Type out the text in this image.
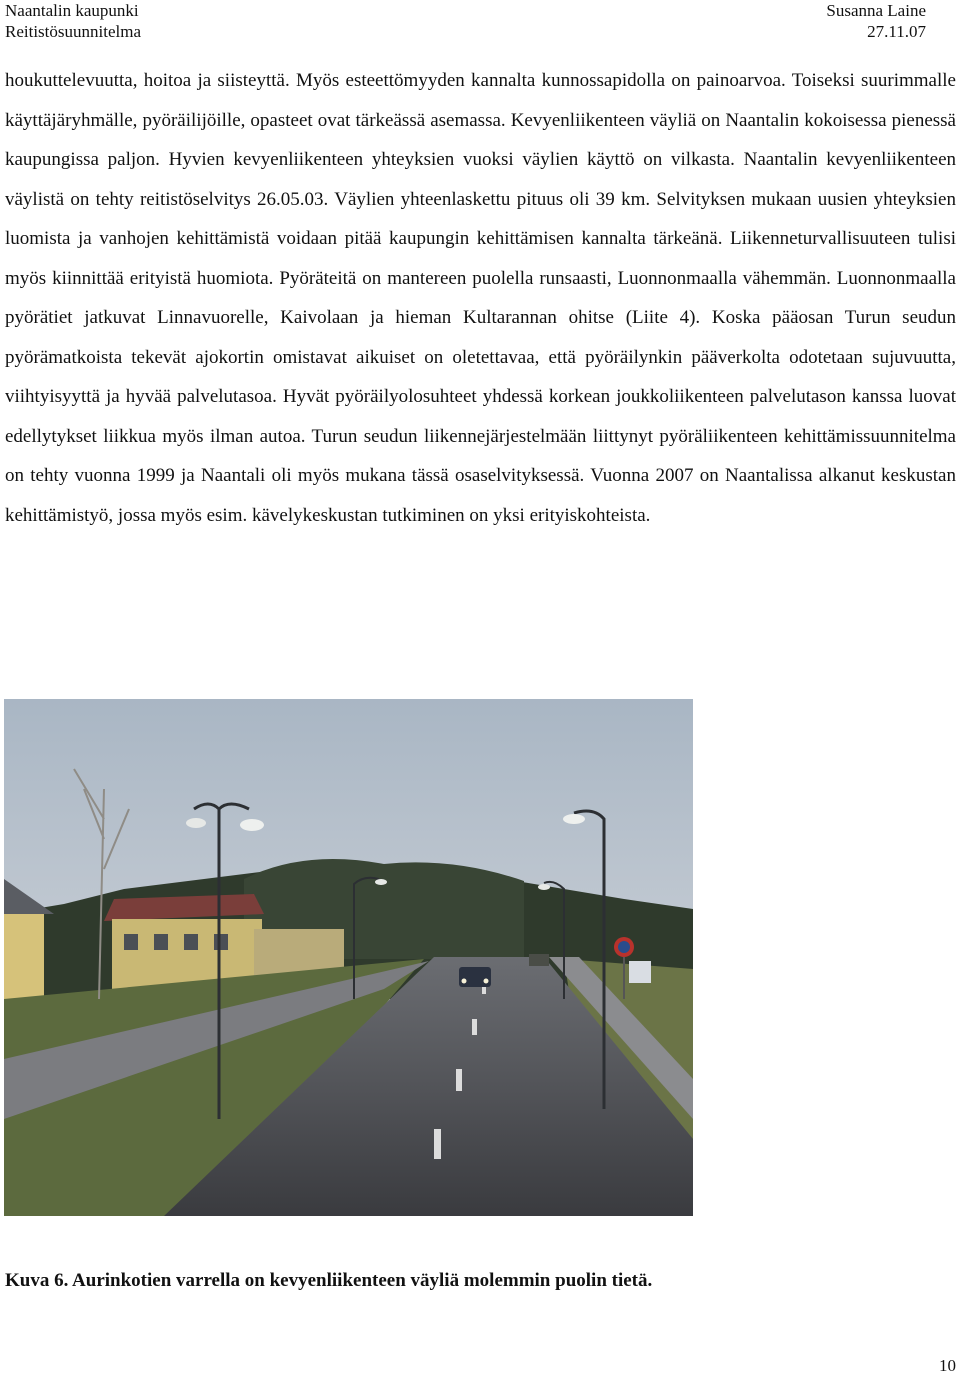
Naantalin kaupunki	Susanna Laine
Reitistösuunnitelma	27.11.07

houkuttelevuutta, hoitoa ja siisteyttä. Myös esteettömyyden kannalta kunnossapidolla on painoarvoa. Toiseksi suurimmalle käyttäjäryhmälle, pyöräilijöille, opasteet ovat tärkeässä asemassa. Kevyenliikenteen väyliä on Naantalin kokoisessa pienessä kaupungissa paljon. Hyvien kevyenliikenteen yhteyksien vuoksi väylien käyttö on vilkasta. Naantalin kevyenliikenteen väylistä on tehty reitistöselvitys 26.05.03. Väylien yhteenlaskettu pituus oli 39 km. Selvityksen mukaan uusien yhteyksien luomista ja vanhojen kehittämistä voidaan pitää kaupungin kehittämisen kannalta tärkeänä. Liikenneturvallisuuteen tulisi myös kiinnittää erityistä huomiota. Pyöräteitä on mantereen puolella runsaasti, Luonnonmaalla vähemmän. Luonnonmaalla pyörätiet jatkuvat Linnavuorelle, Kaivolaan ja hieman Kultarannan ohitse (Liite 4). Koska pääosan Turun seudun pyörämatkoista tekevät ajokortin omistavat aikuiset on oletettavaa, että pyöräilynkin pääverkolta odotetaan sujuvuutta, viihtyisyyttä ja hyvää palvelutasoa. Hyvät pyöräilyolosuhteet yhdessä korkean joukkoliikenteen palvelutason kanssa luovat edellytykset liikkua myös ilman autoa. Turun seudun liikennejärjestelmään liittynyt pyöräliikenteen kehittämissuunnitelma on tehty vuonna 1999 ja Naantali oli myös mukana tässä osaselvityksessä. Vuonna 2007 on Naantalissa alkanut keskustan kehittämistyö, jossa myös esim. kävelykeskustan tutkiminen on yksi erityiskohteista.

Kuva 6. Aurinkotien varrella on kevyenliikenteen väyliä molemmin puolin tietä.
10
